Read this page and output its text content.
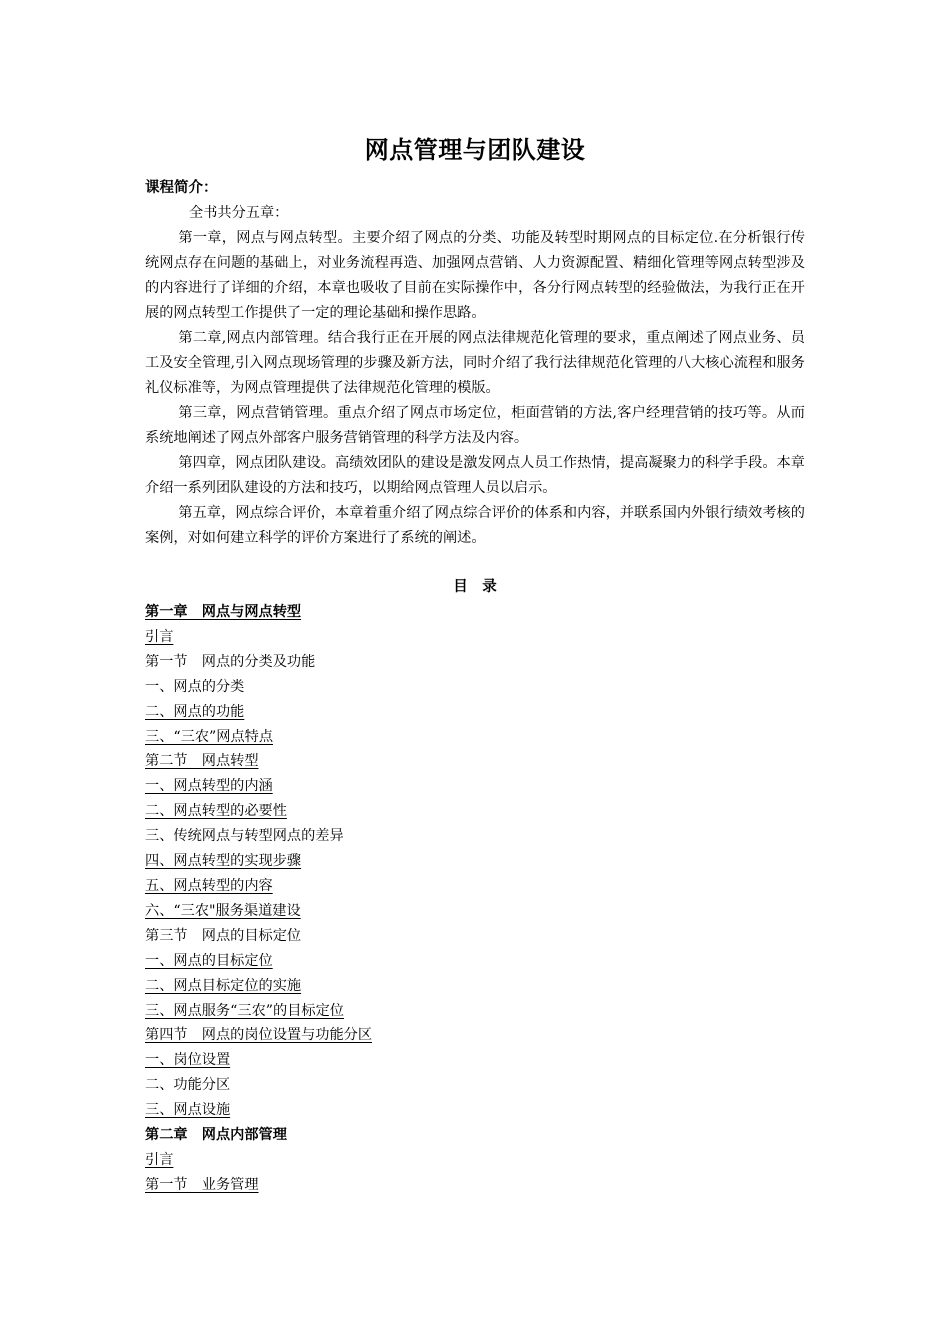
网点管理与团队建设

课程简介：

全书共分五章：

第一章，网点与网点转型。主要介绍了网点的分类、功能及转型时期网点的目标定位.在分析银行传统网点存在问题的基础上，对业务流程再造、加强网点营销、人力资源配置、精细化管理等网点转型涉及的内容进行了详细的介绍，本章也吸收了目前在实际操作中，各分行网点转型的经验做法，为我行正在开展的网点转型工作提供了一定的理论基础和操作思路。

第二章,网点内部管理。结合我行正在开展的网点法律规范化管理的要求，重点阐述了网点业务、员工及安全管理,引入网点现场管理的步骤及新方法，同时介绍了我行法律规范化管理的八大核心流程和服务礼仪标准等，为网点管理提供了法律规范化管理的模版。

第三章，网点营销管理。重点介绍了网点市场定位，柜面营销的方法,客户经理营销的技巧等。从而系统地阐述了网点外部客户服务营销管理的科学方法及内容。

第四章，网点团队建设。高绩效团队的建设是激发网点人员工作热情，提高凝聚力的科学手段。本章介绍一系列团队建设的方法和技巧，以期给网点管理人员以启示。

第五章，网点综合评价，本章着重介绍了网点综合评价的体系和内容，并联系国内外银行绩效考核的案例，对如何建立科学的评价方案进行了系统的阐述。

目　录
第一章　网点与网点转型
引言
第一节　网点的分类及功能
一、网点的分类
二、网点的功能
三、“三农”网点特点
第二节　网点转型
一、网点转型的内涵
二、网点转型的必要性
三、传统网点与转型网点的差异
四、网点转型的实现步骤
五、网点转型的内容
六、“三农"服务渠道建设
第三节　网点的目标定位
一、网点的目标定位
二、网点目标定位的实施
三、网点服务“三农”的目标定位
第四节　网点的岗位设置与功能分区
一、岗位设置
二、功能分区
三、网点设施
第二章　网点内部管理
引言
第一节　业务管理
